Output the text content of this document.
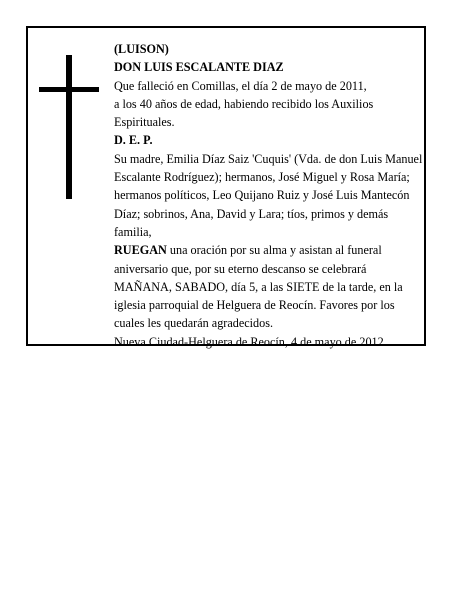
(LUISON)

DON LUIS ESCALANTE DIAZ

Que falleció en Comillas, el día 2 de mayo de 2011,

a los 40 años de edad, habiendo recibido los Auxilios Espirituales.

D. E. P.

Su madre, Emilia Díaz Saiz 'Cuquis' (Vda. de don Luis Manuel Escalante Rodríguez); hermanos, José Miguel y Rosa María; hermanos políticos, Leo Quijano Ruiz y José Luis Mantecón Díaz; sobrinos, Ana, David y Lara; tíos, primos y demás familia,

RUEGAN una oración por su alma y asistan al funeral aniversario que, por su eterno descanso se celebrará MAÑANA, SABADO, día 5, a las SIETE de la tarde, en la iglesia parroquial de Helguera de Reocín. Favores por los cuales les quedarán agradecidos.

Nueva Ciudad-Helguera de Reocín, 4 de mayo de 2012.
